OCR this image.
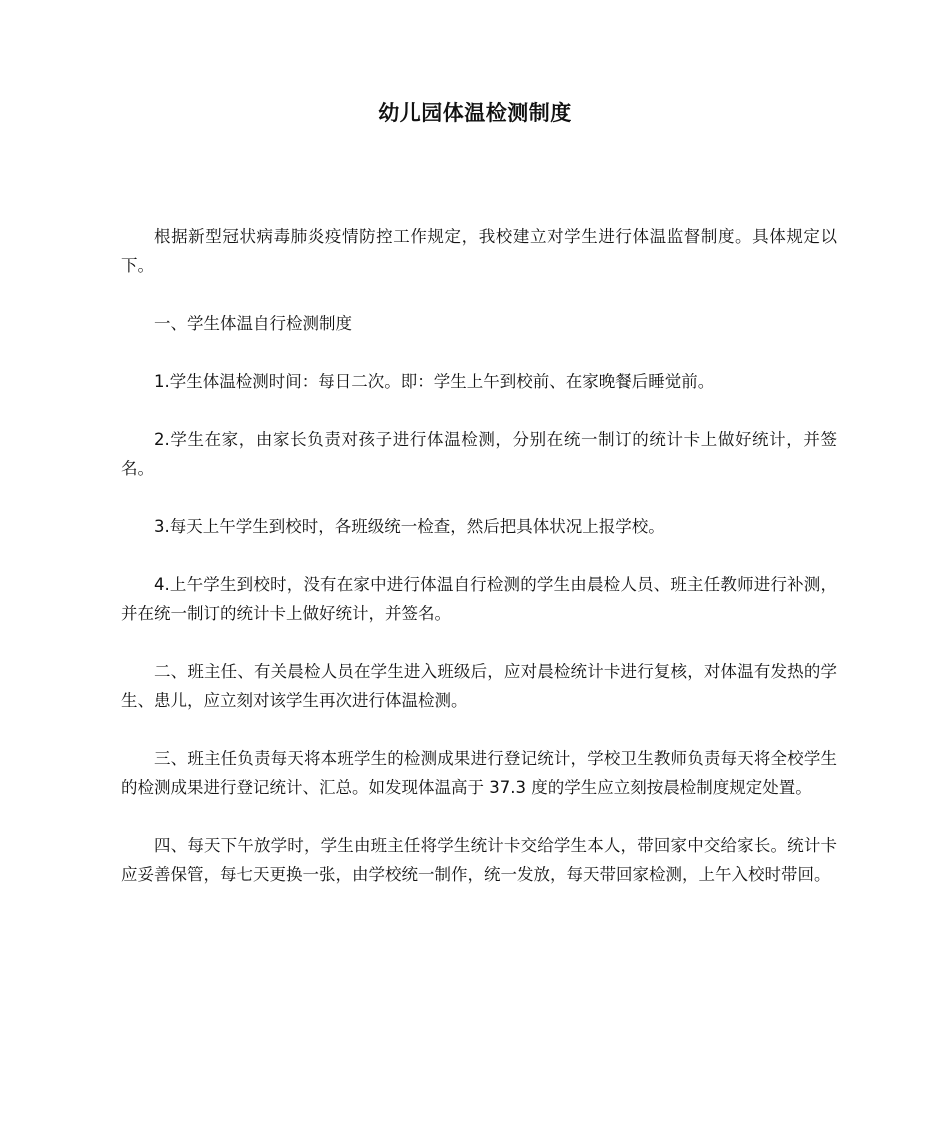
幼儿园体温检测制度

根据新型冠状病毒肺炎疫情防控工作规定，我校建立对学生进行体温监督制度。具体规定以下。

一、学生体温自行检测制度

1.学生体温检测时间：每日二次。即：学生上午到校前、在家晚餐后睡觉前。

2.学生在家，由家长负责对孩子进行体温检测，分别在统一制订的统计卡上做好统计，并签名。

3.每天上午学生到校时，各班级统一检查，然后把具体状况上报学校。

4.上午学生到校时，没有在家中进行体温自行检测的学生由晨检人员、班主任教师进行补测，并在统一制订的统计卡上做好统计，并签名。

二、班主任、有关晨检人员在学生进入班级后，应对晨检统计卡进行复核，对体温有发热的学生、患儿，应立刻对该学生再次进行体温检测。

三、班主任负责每天将本班学生的检测成果进行登记统计，学校卫生教师负责每天将全校学生的检测成果进行登记统计、汇总。如发现体温高于 37.3 度的学生应立刻按晨检制度规定处置。

四、每天下午放学时，学生由班主任将学生统计卡交给学生本人，带回家中交给家长。统计卡应妥善保管，每七天更换一张，由学校统一制作，统一发放，每天带回家检测，上午入校时带回。
